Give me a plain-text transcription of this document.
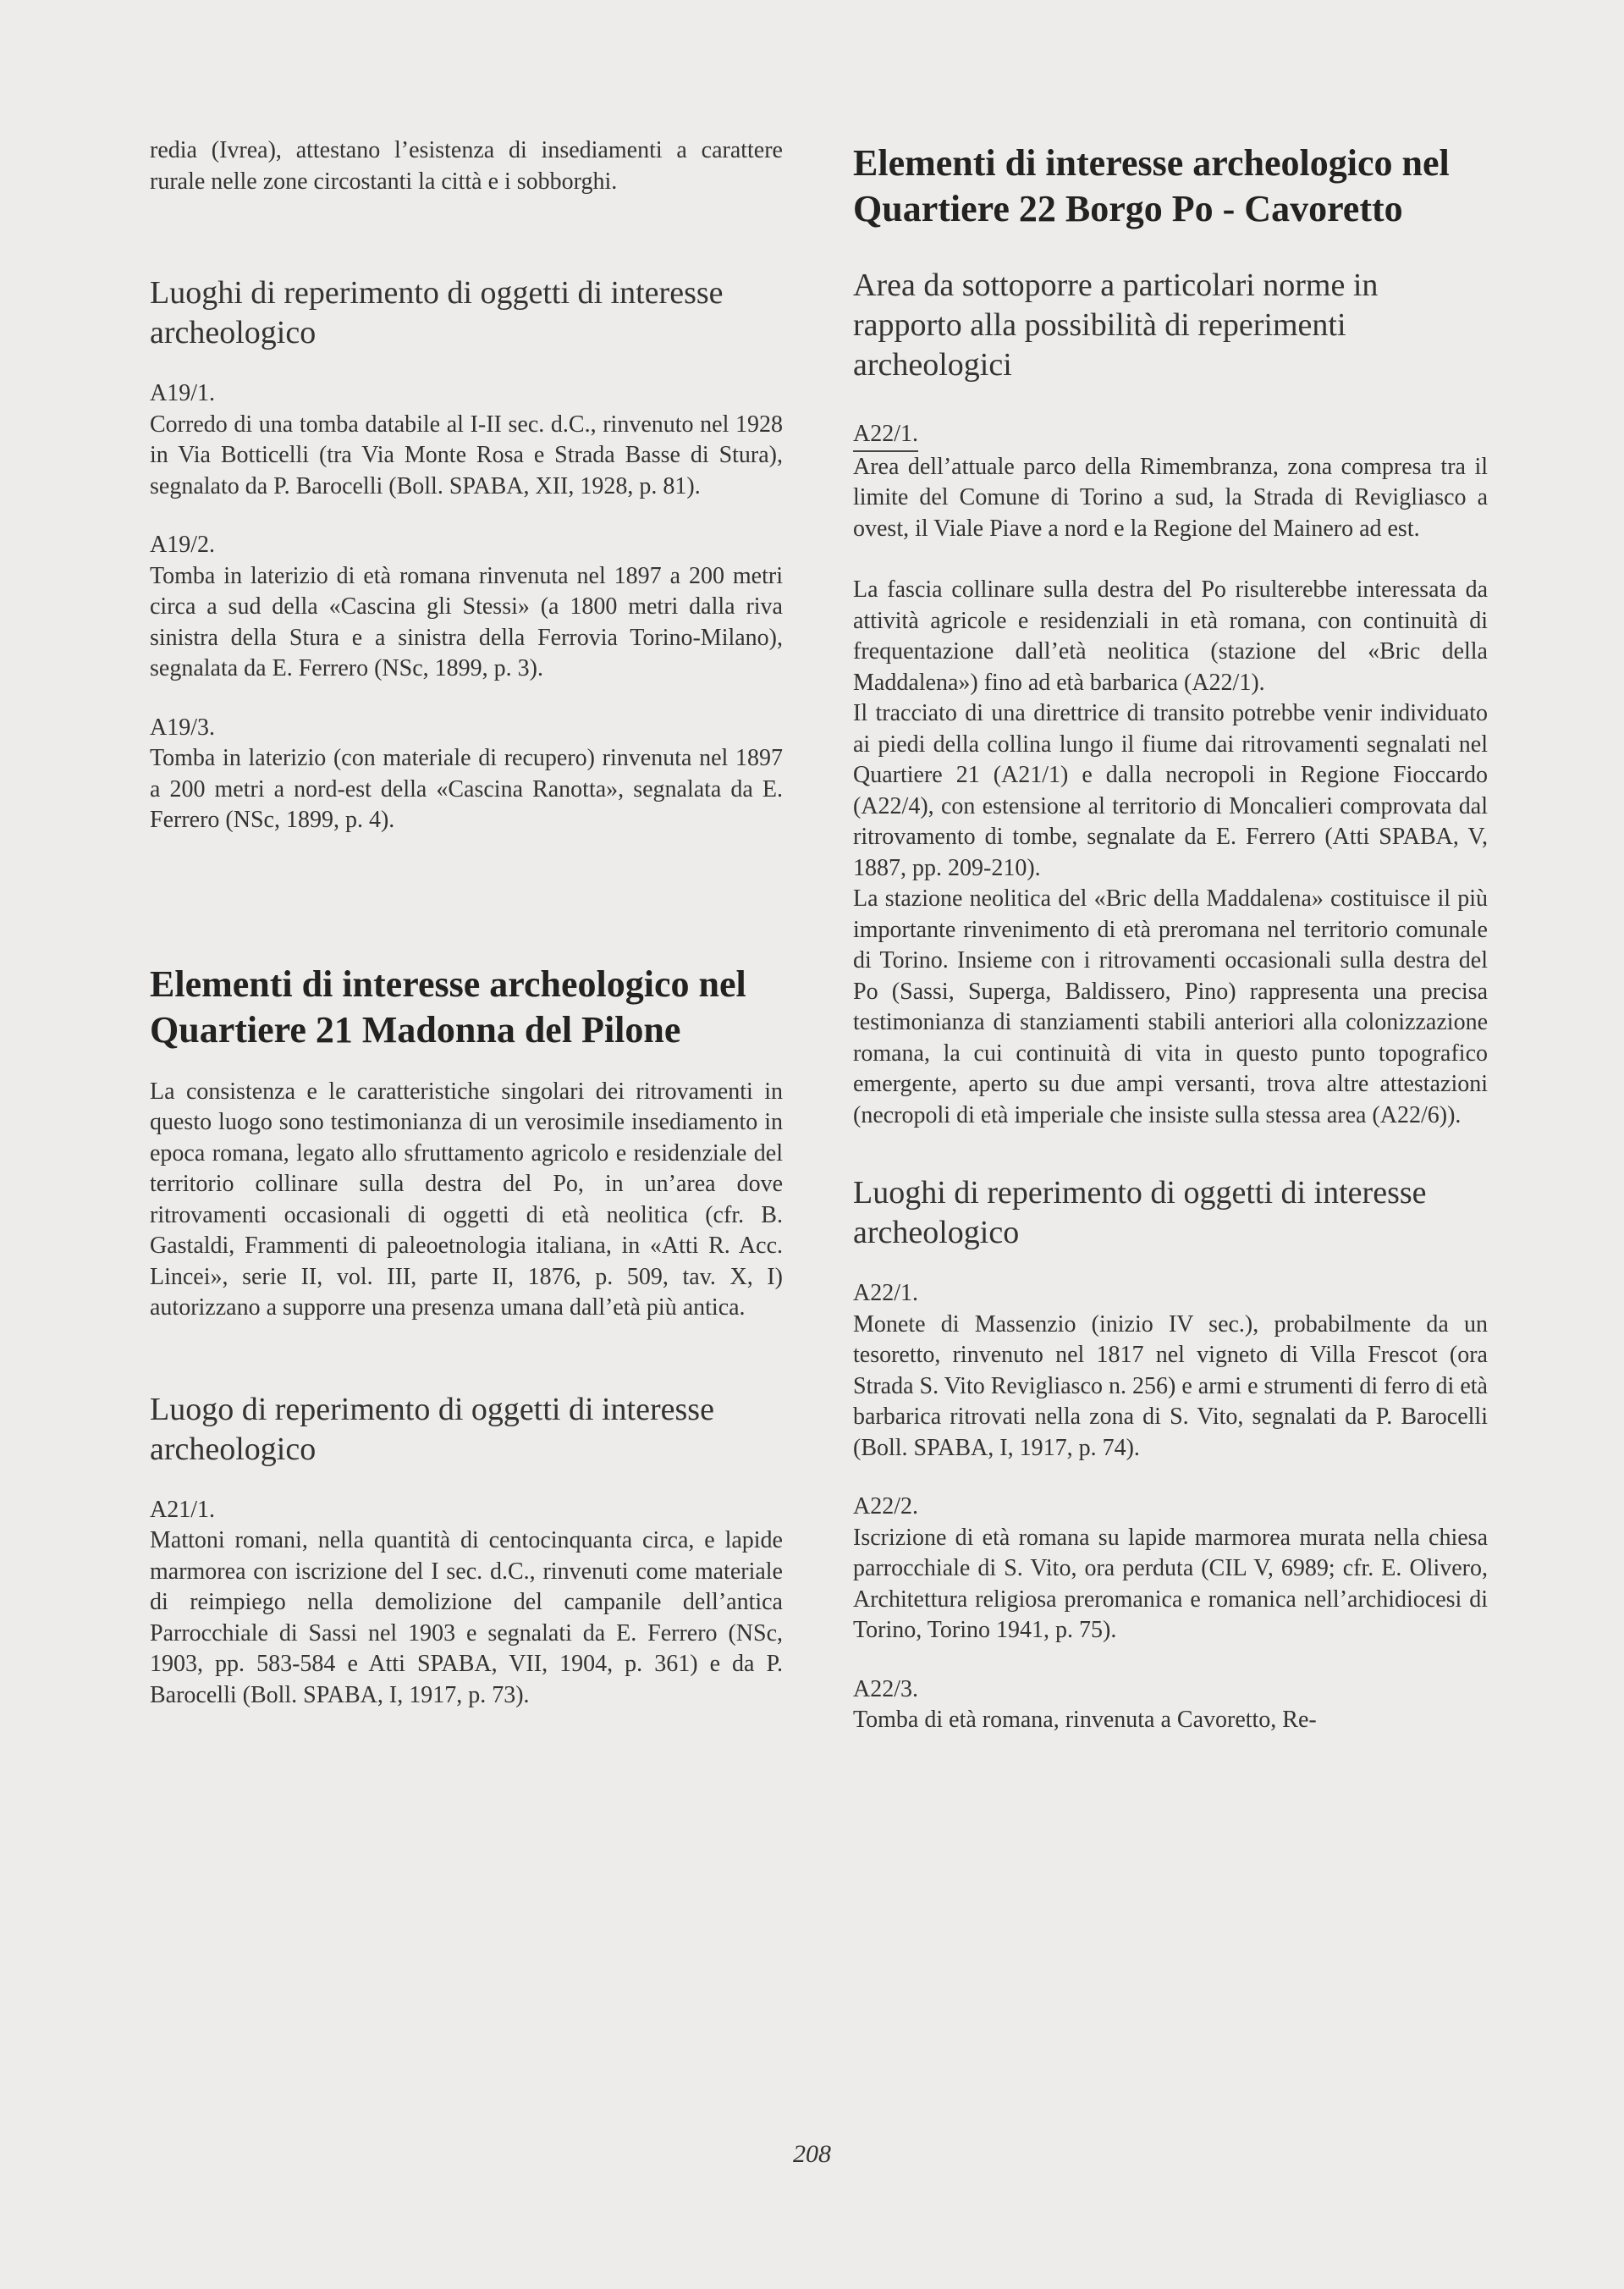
redia (Ivrea), attestano l’esistenza di insediamenti a carattere rurale nelle zone circostanti la città e i sobborghi.

Luoghi di reperimento di oggetti di interesse archeologico
A19/1.

Corredo di una tomba databile al I-II sec. d.C., rinvenuto nel 1928 in Via Botticelli (tra Via Monte Rosa e Strada Basse di Stura), segnalato da P. Barocelli (Boll. SPABA, XII, 1928, p. 81).

A19/2.

Tomba in laterizio di età romana rinvenuta nel 1897 a 200 metri circa a sud della «Cascina gli Stessi» (a 1800 metri dalla riva sinistra della Stura e a sinistra della Ferrovia Torino-Milano), segnalata da E. Ferrero (NSc, 1899, p. 3).

A19/3.

Tomba in laterizio (con materiale di recupero) rinvenuta nel 1897 a 200 metri a nord-est della «Cascina Ranotta», segnalata da E. Ferrero (NSc, 1899, p. 4).

Elementi di interesse archeologico nel Quartiere 21 Madonna del Pilone

La consistenza e le caratteristiche singolari dei ritrovamenti in questo luogo sono testimonianza di un verosimile insediamento in epoca romana, legato allo sfruttamento agricolo e residenziale del territorio collinare sulla destra del Po, in un’area dove ritrovamenti occasionali di oggetti di età neolitica (cfr. B. Gastaldi, Frammenti di paleoetnologia italiana, in «Atti R. Acc. Lincei», serie II, vol. III, parte II, 1876, p. 509, tav. X, I) autorizzano a supporre una presenza umana dall’età più antica.

Luogo di reperimento di oggetti di interesse archeologico
A21/1.

Mattoni romani, nella quantità di centocinquanta circa, e lapide marmorea con iscrizione del I sec. d.C., rinvenuti come materiale di reimpiego nella demolizione del campanile dell’antica Parrocchiale di Sassi nel 1903 e segnalati da E. Ferrero (NSc, 1903, pp. 583-584 e Atti SPABA, VII, 1904, p. 361) e da P. Barocelli (Boll. SPABA, I, 1917, p. 73).

Elementi di interesse archeologico nel Quartiere 22 Borgo Po - Cavoretto
Area da sottoporre a particolari norme in rapporto alla possibilità di reperimenti archeologici
A22/1.

Area dell’attuale parco della Rimembranza, zona compresa tra il limite del Comune di Torino a sud, la Strada di Revigliasco a ovest, il Viale Piave a nord e la Regione del Mainero ad est.

La fascia collinare sulla destra del Po risulterebbe interessata da attività agricole e residenziali in età romana, con continuità di frequentazione dall’età neolitica (stazione del «Bric della Maddalena») fino ad età barbarica (A22/1).

Il tracciato di una direttrice di transito potrebbe venir individuato ai piedi della collina lungo il fiume dai ritrovamenti segnalati nel Quartiere 21 (A21/1) e dalla necropoli in Regione Fioccardo (A22/4), con estensione al territorio di Moncalieri comprovata dal ritrovamento di tombe, segnalate da E. Ferrero (Atti SPABA, V, 1887, pp. 209-210).

La stazione neolitica del «Bric della Maddalena» costituisce il più importante rinvenimento di età preromana nel territorio comunale di Torino. Insieme con i ritrovamenti occasionali sulla destra del Po (Sassi, Superga, Baldissero, Pino) rappresenta una precisa testimonianza di stanziamenti stabili anteriori alla colonizzazione romana, la cui continuità di vita in questo punto topografico emergente, aperto su due ampi versanti, trova altre attestazioni (necropoli di età imperiale che insiste sulla stessa area (A22/6)).

Luoghi di reperimento di oggetti di interesse archeologico
A22/1.

Monete di Massenzio (inizio IV sec.), probabilmente da un tesoretto, rinvenuto nel 1817 nel vigneto di Villa Frescot (ora Strada S. Vito Revigliasco n. 256) e armi e strumenti di ferro di età barbarica ritrovati nella zona di S. Vito, segnalati da P. Barocelli (Boll. SPABA, I, 1917, p. 74).

A22/2.

Iscrizione di età romana su lapide marmorea murata nella chiesa parrocchiale di S. Vito, ora perduta (CIL V, 6989; cfr. E. Olivero, Architettura religiosa preromanica e romanica nell’archidiocesi di Torino, Torino 1941, p. 75).

A22/3.

Tomba di età romana, rinvenuta a Cavoretto, Re-

208
